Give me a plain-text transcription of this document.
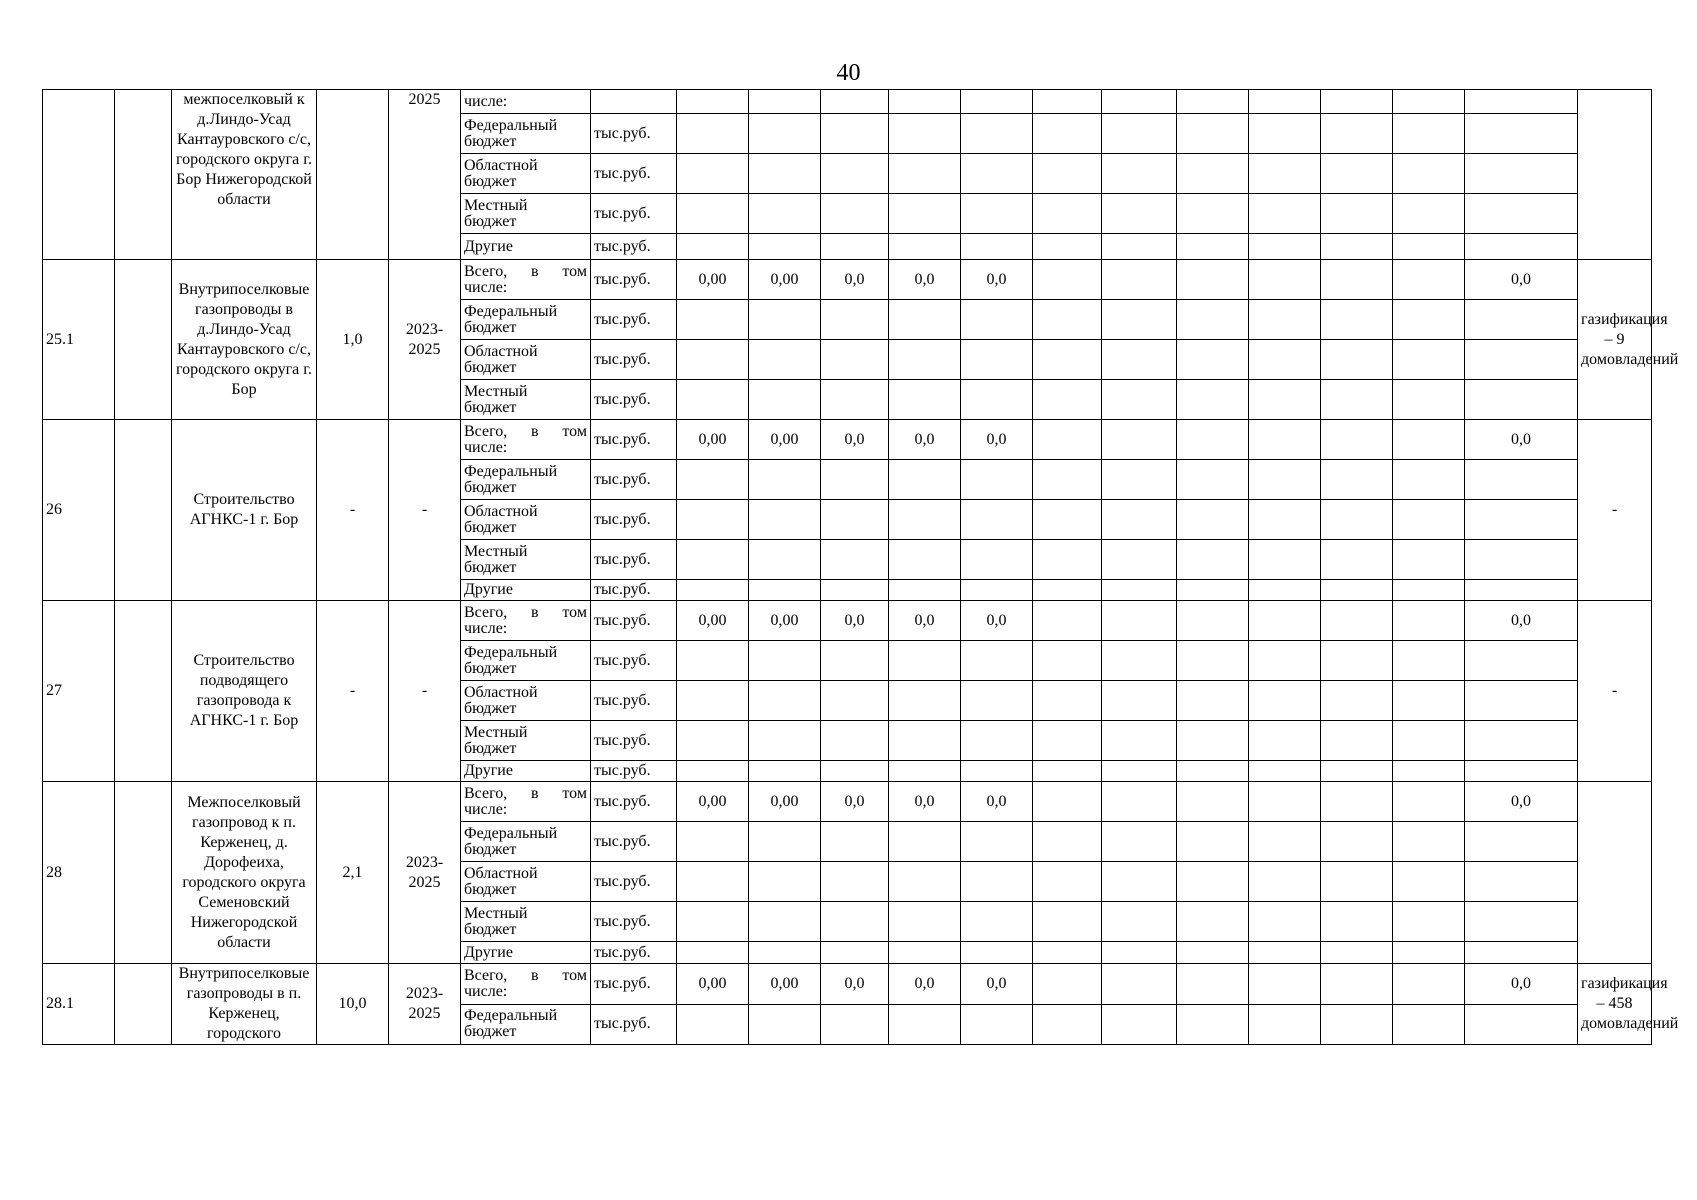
40
		межпоселковый к д.Линдо-Усад Кантауровского с/с, городского округа г. Бор Нижегородской области		2025	числе:														

					Федеральный
бюджет	тыс.руб.													

					Областной
бюджет	тыс.руб.													

					Местный
бюджет	тыс.руб.													

					Другие	тыс.руб.													
25.1		Внутрипоселковые газопроводы в д.Линдо-Усад Кантауровского с/с, городского округа г. Бор	1,0	2023-2025	Всего, в том
числе:	тыс.руб.	0,00	0,00	0,0	0,0	0,0							0,0	газификация – 9 домовладений

					Федеральный
бюджет	тыс.руб.													

					Областной
бюджет	тыс.руб.													

					Местный
бюджет	тыс.руб.													
26		Строительство АГНКС-1 г. Бор	-	-	Всего, в том
числе:	тыс.руб.	0,00	0,00	0,0	0,0	0,0							0,0	-

					Федеральный
бюджет	тыс.руб.													

					Областной
бюджет	тыс.руб.													

					Местный
бюджет	тыс.руб.													

					Другие	тыс.руб.													
27		Строительство подводящего газопровода к АГНКС-1 г. Бор	-	-	Всего, в том
числе:	тыс.руб.	0,00	0,00	0,0	0,0	0,0							0,0	-

					Федеральный
бюджет	тыс.руб.													

					Областной
бюджет	тыс.руб.													

					Местный
бюджет	тыс.руб.													

					Другие	тыс.руб.													
28		Межпоселковый газопровод к п. Керженец, д. Дорофеиха, городского округа Семеновский Нижегородской области	2,1	2023-2025	Всего, в том
числе:	тыс.руб.	0,00	0,00	0,0	0,0	0,0							0,0	

					Федеральный
бюджет	тыс.руб.													

					Областной
бюджет	тыс.руб.													

					Местный
бюджет	тыс.руб.													

					Другие	тыс.руб.													
28.1		Внутрипоселковые газопроводы в п. Керженец, городского	10,0	2023-2025	Всего, в том
числе:	тыс.руб.	0,00	0,00	0,0	0,0	0,0							0,0	газификация – 458 домовладений

					Федеральный
бюджет	тыс.руб.													
